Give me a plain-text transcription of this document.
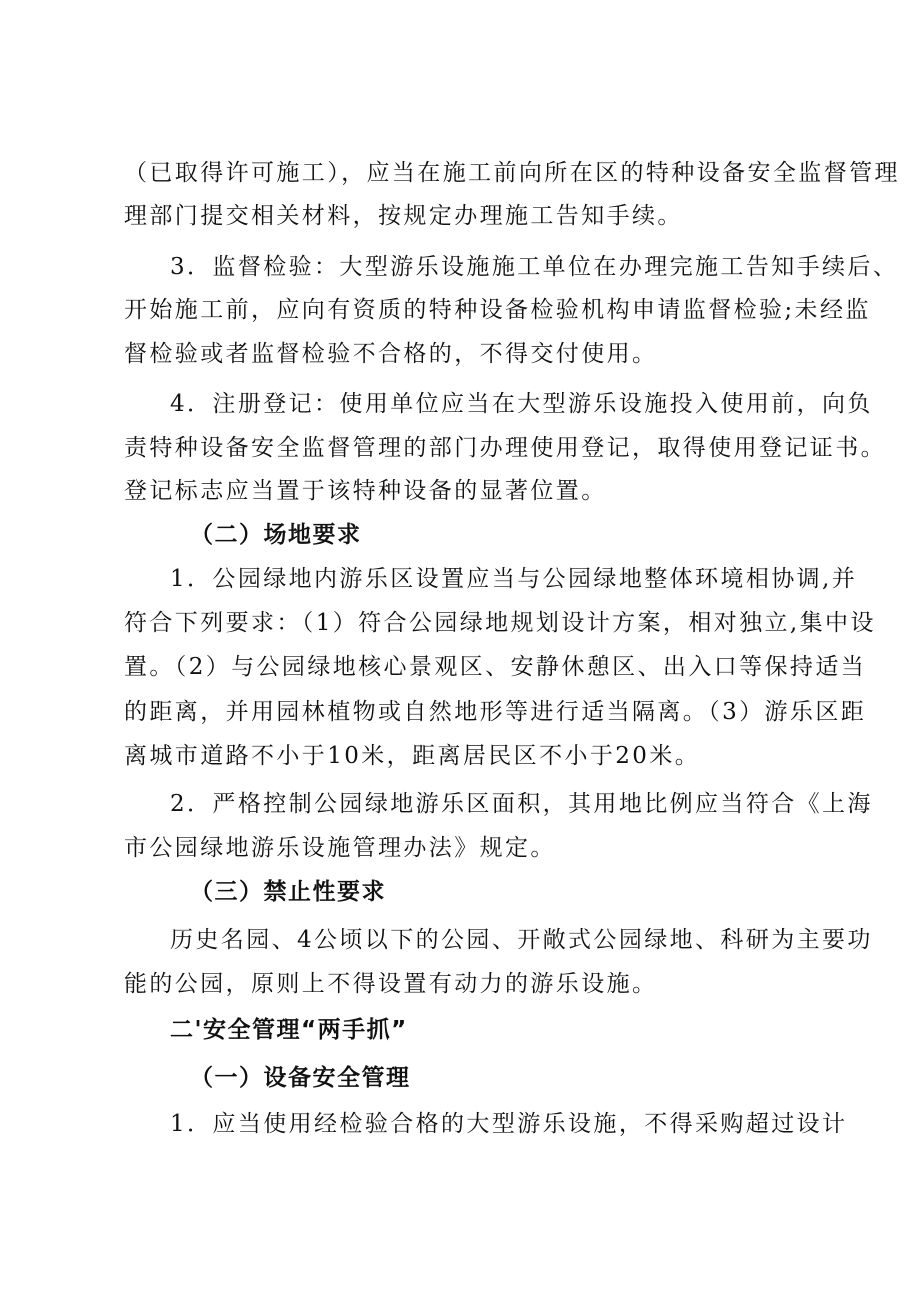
（已取得许可施工），应当在施工前向所在区的特种设备安全监督管理
理部门提交相关材料，按规定办理施工告知手续。
3．监督检验：大型游乐设施施工单位在办理完施工告知手续后、
开始施工前，应向有资质的特种设备检验机构申请监督检验;未经监
督检验或者监督检验不合格的，不得交付使用。
4．注册登记：使用单位应当在大型游乐设施投入使用前，向负
责特种设备安全监督管理的部门办理使用登记，取得使用登记证书。
登记标志应当置于该特种设备的显著位置。
（二）场地要求
1．公园绿地内游乐区设置应当与公园绿地整体环境相协调,并
符合下列要求：（1）符合公园绿地规划设计方案，相对独立,集中设
置。（2）与公园绿地核心景观区、安静休憩区、出入口等保持适当
的距离，并用园林植物或自然地形等进行适当隔离。（3）游乐区距
离城市道路不小于10米，距离居民区不小于20米。
2．严格控制公园绿地游乐区面积，其用地比例应当符合《上海
市公园绿地游乐设施管理办法》规定。
（三）禁止性要求
历史名园、4公顷以下的公园、开敞式公园绿地、科研为主要功
能的公园，原则上不得设置有动力的游乐设施。
二'安全管理“两手抓”
（一）设备安全管理
1．应当使用经检验合格的大型游乐设施，不得采购超过设计
